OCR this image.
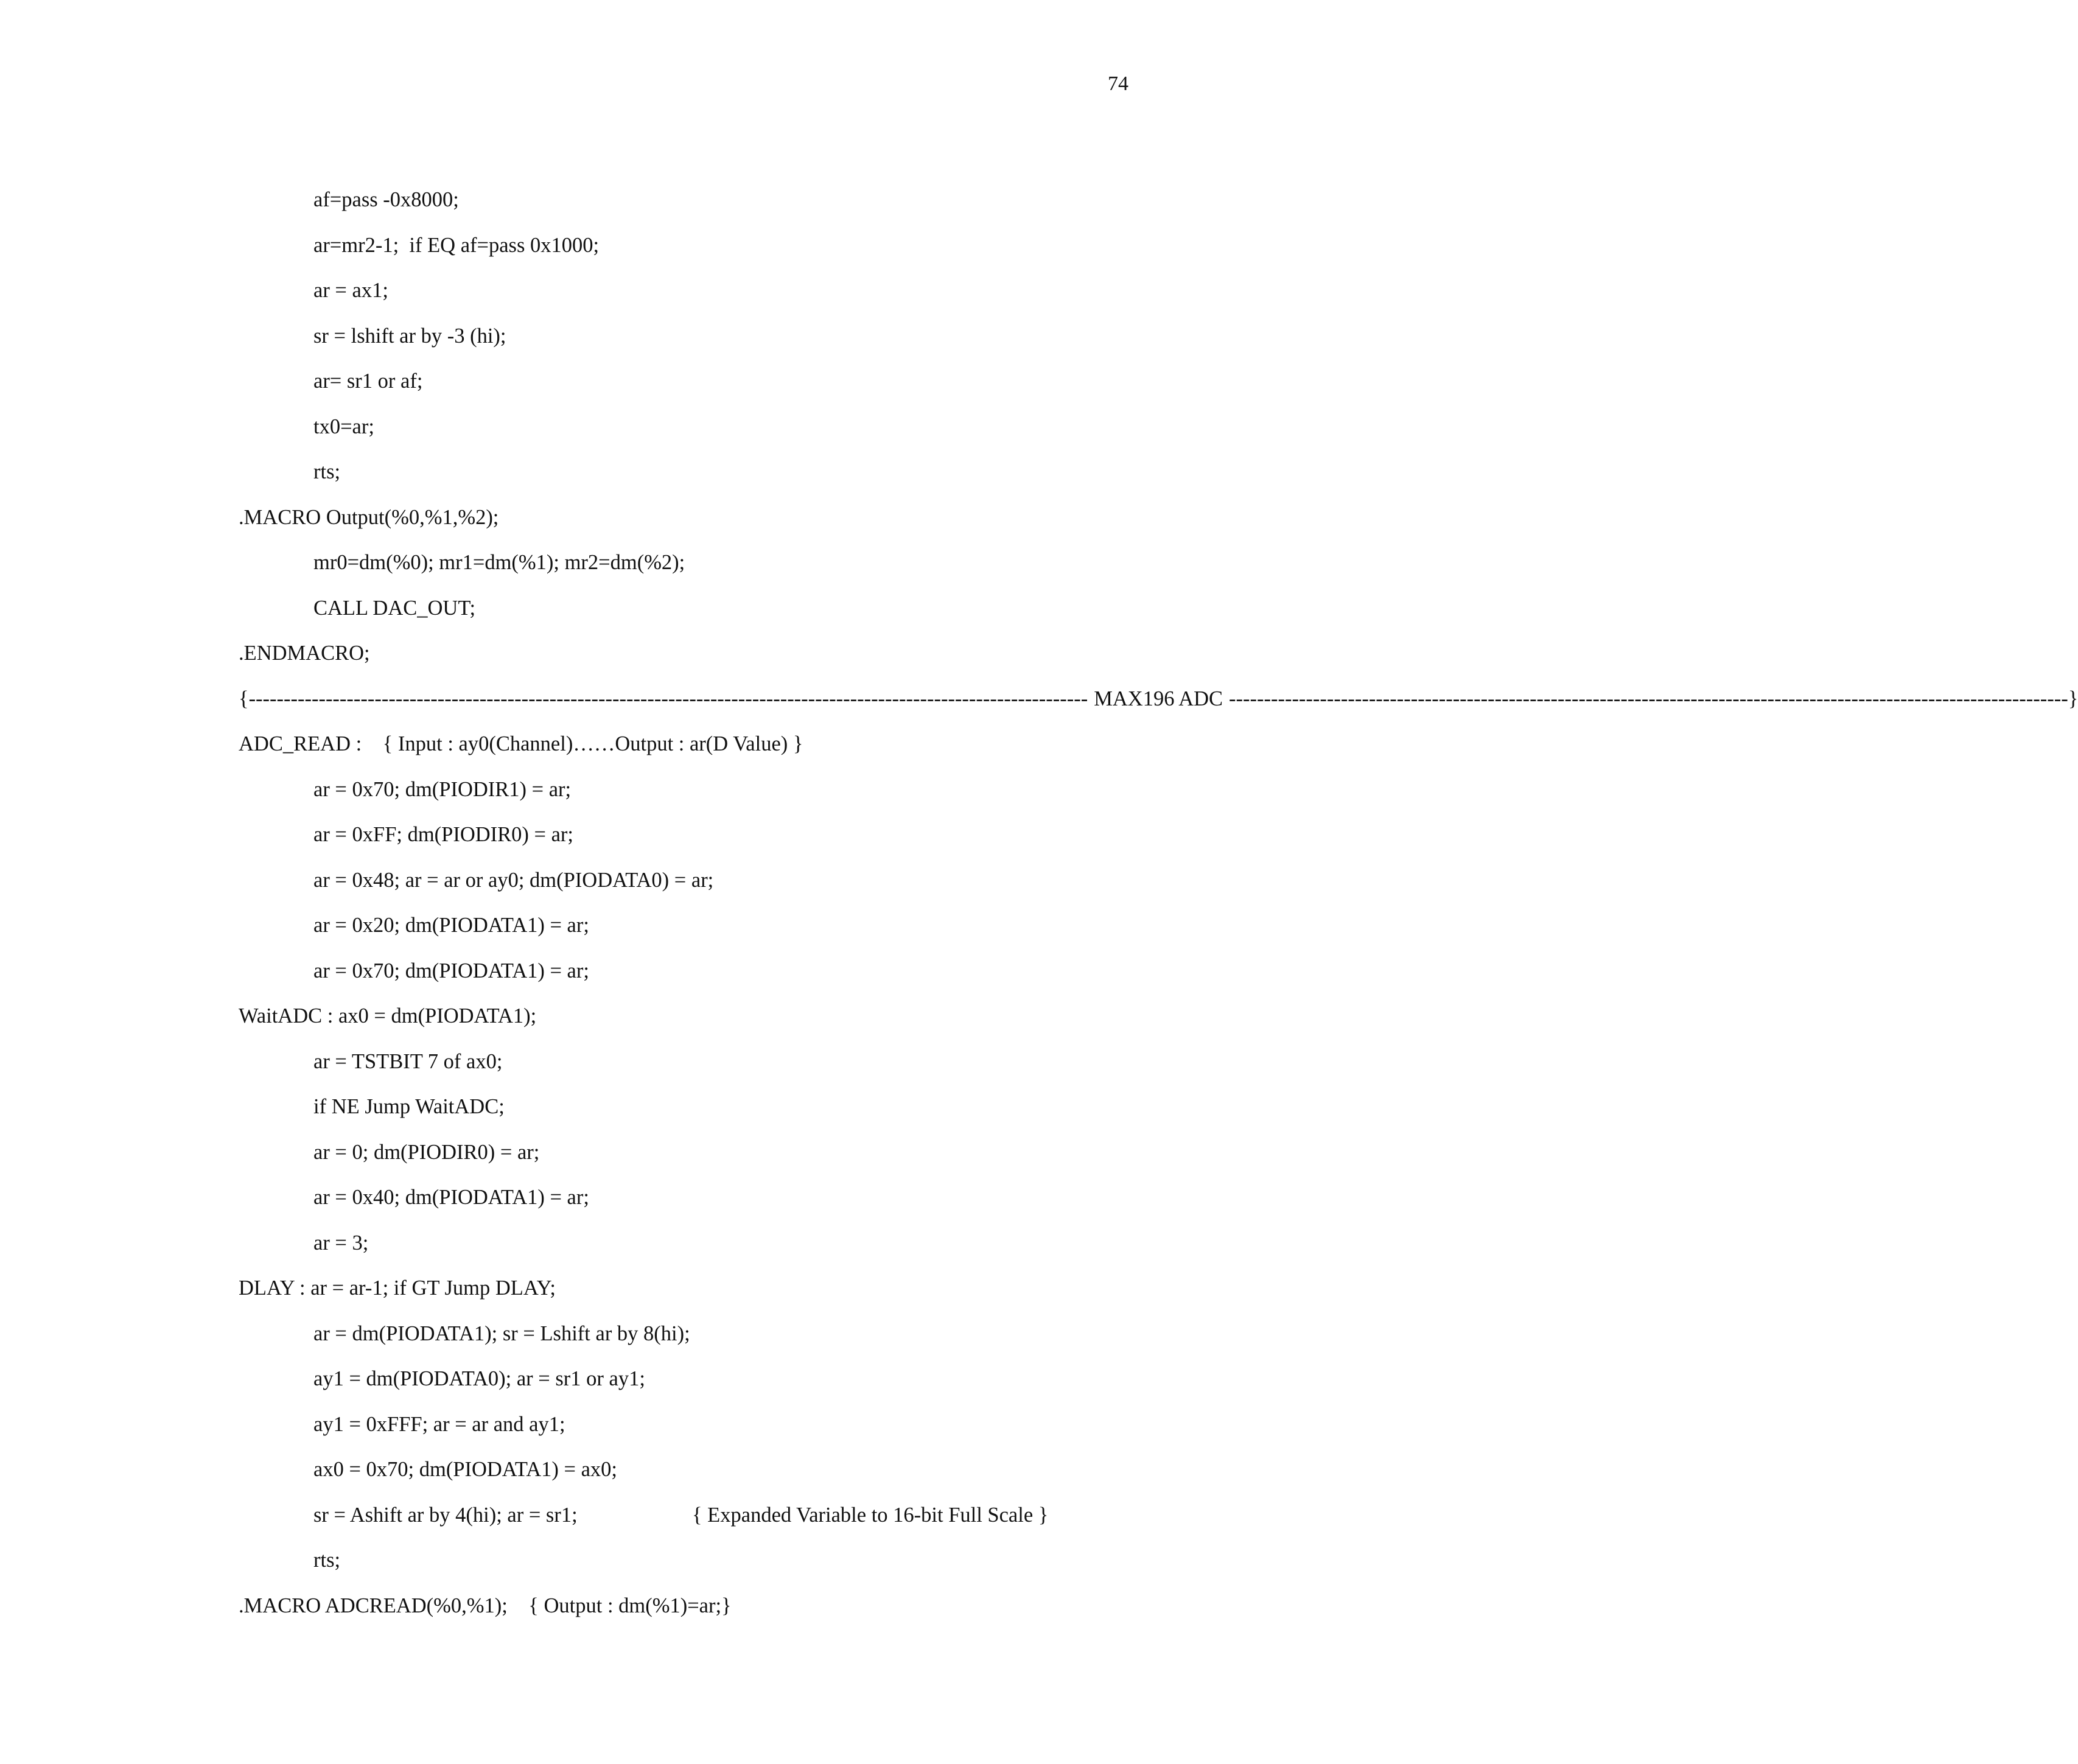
74
af=pass -0x8000;
ar=mr2-1;  if EQ af=pass 0x1000;
ar = ax1;
sr = lshift ar by -3 (hi);
ar= sr1 or af;
tx0=ar;
rts;
.MACRO Output(%0,%1,%2);
mr0=dm(%0); mr1=dm(%1); mr2=dm(%2);
CALL DAC_OUT;
.ENDMACRO;
{ ------------------------------------------------------------------------------------------------------------------------ MAX196 ADC ------------------------------------------------------------------------------------------------------------------------ }
ADC_READ :    { Input : ay0(Channel)……Output : ar(D Value) }
ar = 0x70; dm(PIODIR1) = ar;
ar = 0xFF; dm(PIODIR0) = ar;
ar = 0x48; ar = ar or ay0; dm(PIODATA0) = ar;
ar = 0x20; dm(PIODATA1) = ar;
ar = 0x70; dm(PIODATA1) = ar;
WaitADC : ax0 = dm(PIODATA1);
ar = TSTBIT 7 of ax0;
if NE Jump WaitADC;
ar = 0; dm(PIODIR0) = ar;
ar = 0x40; dm(PIODATA1) = ar;
ar = 3;
DLAY : ar = ar-1; if GT Jump DLAY;
ar = dm(PIODATA1); sr = Lshift ar by 8(hi);
ay1 = dm(PIODATA0); ar = sr1 or ay1;
ay1 = 0xFFF; ar = ar and ay1;
ax0 = 0x70; dm(PIODATA1) = ax0;
sr = Ashift ar by 4(hi); ar = sr1;	{ Expanded Variable to 16-bit Full Scale }
rts;
.MACRO ADCREAD(%0,%1);    { Output : dm(%1)=ar;}
